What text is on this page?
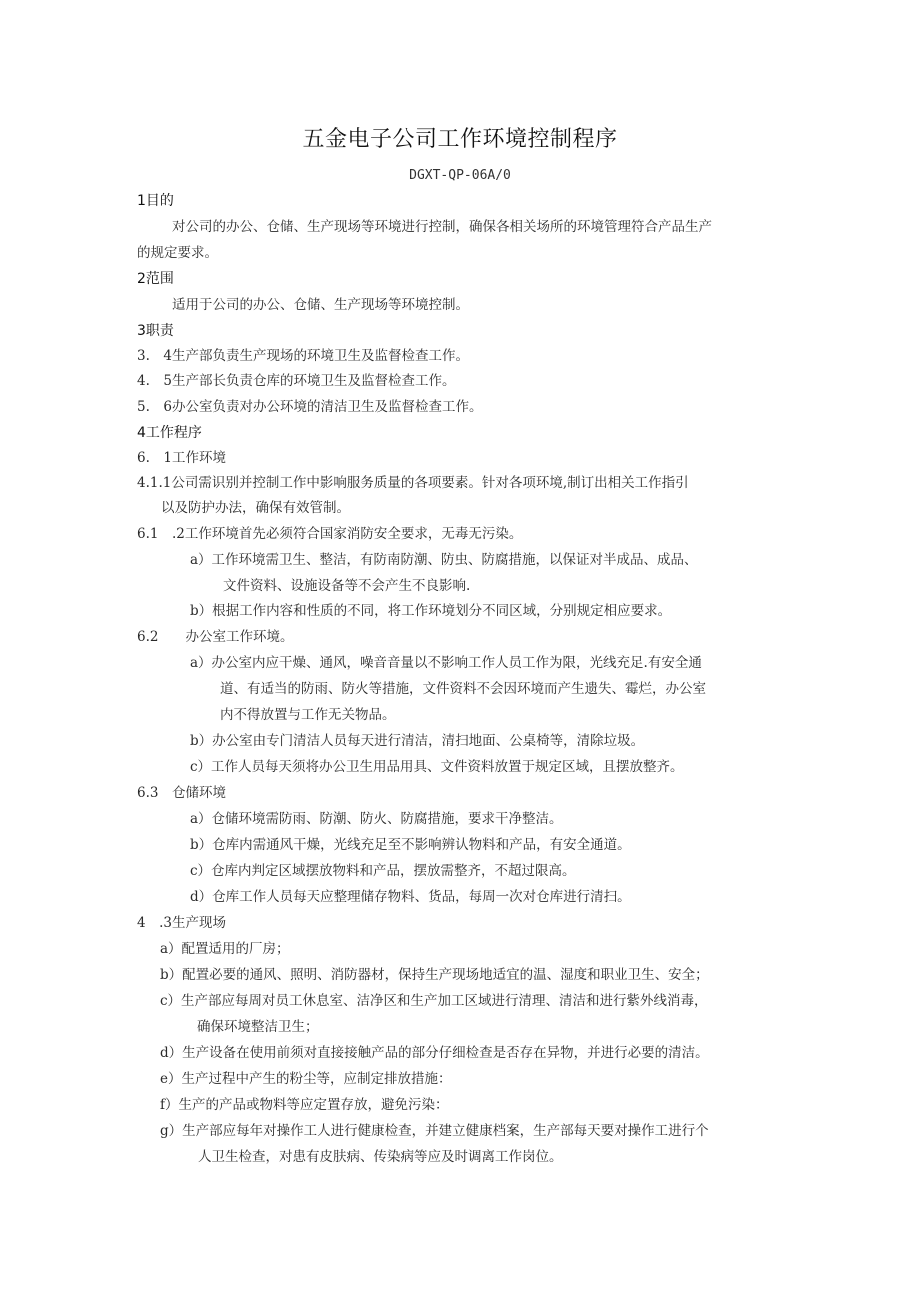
五金电子公司工作环境控制程序
DGXT-QP-06A/0
1目的
对公司的办公、仓储、生产现场等环境进行控制，确保各相关场所的环境管理符合产品生产
的规定要求。
2范围
适用于公司的办公、仓储、生产现场等环境控制。
3职责
3.　4生产部负责生产现场的环境卫生及监督检查工作。
4.　5生产部长负责仓库的环境卫生及监督检查工作。
5.　6办公室负责对办公环境的清洁卫生及监督检查工作。
4工作程序
6.　1工作环境
4.1.1公司需识别并控制工作中影响服务质量的各项要素。针对各项环境,制订出相关工作指引
以及防护办法，确保有效管制。
6.1　.2工作环境首先必须符合国家消防安全要求，无毒无污染。
a）工作环境需卫生、整洁，有防南防潮、防虫、防腐措施，以保证对半成品、成品、
文件资料、设施设备等不会产生不良影响.
b）根据工作内容和性质的不同，将工作环境划分不同区域，分别规定相应要求。
6.2　　办公室工作环境。
a）办公室内应干燥、通风，噪音音量以不影响工作人员工作为限，光线充足.有安全通
道、有适当的防雨、防火等措施，文件资料不会因环境而产生遗失、霉烂，办公室
内不得放置与工作无关物品。
b）办公室由专门清洁人员每天进行清洁，清扫地面、公桌椅等，清除垃圾。
c）工作人员每天须将办公卫生用品用具、文件资料放置于规定区域，且摆放整齐。
6.3　仓储环境
a）仓储环境需防雨、防潮、防火、防腐措施，要求干净整洁。
b）仓库内需通风干燥，光线充足至不影响辨认物料和产品，有安全通道。
c）仓库内判定区域摆放物料和产品，摆放需整齐，不超过限高。
d）仓库工作人员每天应整理储存物料、货品，每周一次对仓库进行清扫。
4　.3生产现场
a）配置适用的厂房；
b）配置必要的通风、照明、消防器材，保持生产现场地适宜的温、湿度和职业卫生、安全；
c）生产部应每周对员工休息室、洁净区和生产加工区域进行清理、清洁和进行紫外线消毒，
确保环境整洁卫生；
d）生产设备在使用前须对直接接触产品的部分仔细检查是否存在异物，并进行必要的清洁。
e）生产过程中产生的粉尘等，应制定排放措施：
f）生产的产品或物料等应定置存放，避免污染：
g）生产部应每年对操作工人进行健康检查，并建立健康档案，生产部每天要对操作工进行个
人卫生检查，对患有皮肤病、传染病等应及时调离工作岗位。
